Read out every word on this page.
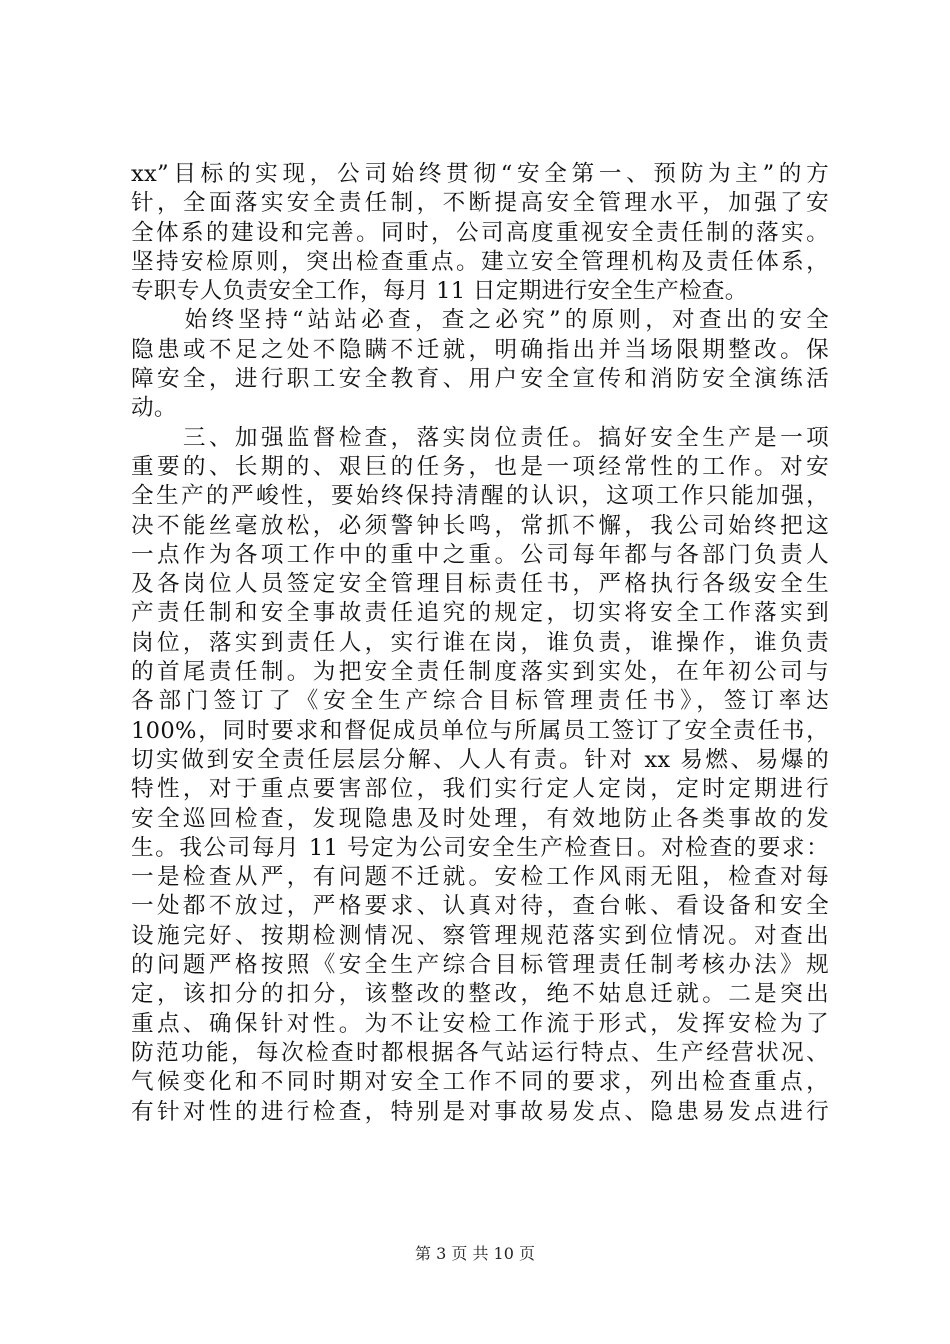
xx”目标的实现，公司始终贯彻“安全第一、预防为主”的方
针，全面落实安全责任制，不断提高安全管理水平，加强了安
全体系的建设和完善。同时，公司高度重视安全责任制的落实。
坚持安检原则，突出检查重点。建立安全管理机构及责任体系，
专职专人负责安全工作，每月 11 日定期进行安全生产检查。
　　始终坚持“站站必查，查之必究”的原则，对查出的安全
隐患或不足之处不隐瞒不迁就，明确指出并当场限期整改。保
障安全，进行职工安全教育、用户安全宣传和消防安全演练活
动。
　　三、加强监督检查，落实岗位责任。搞好安全生产是一项
重要的、长期的、艰巨的任务，也是一项经常性的工作。对安
全生产的严峻性，要始终保持清醒的认识，这项工作只能加强，
决不能丝毫放松，必须警钟长鸣，常抓不懈，我公司始终把这
一点作为各项工作中的重中之重。公司每年都与各部门负责人
及各岗位人员签定安全管理目标责任书，严格执行各级安全生
产责任制和安全事故责任追究的规定，切实将安全工作落实到
岗位，落实到责任人，实行谁在岗，谁负责，谁操作，谁负责
的首尾责任制。为把安全责任制度落实到实处，在年初公司与
各部门签订了《安全生产综合目标管理责任书》，签订率达
100%，同时要求和督促成员单位与所属员工签订了安全责任书，
切实做到安全责任层层分解、人人有责。针对 xx 易燃、易爆的
特性，对于重点要害部位，我们实行定人定岗，定时定期进行
安全巡回检查，发现隐患及时处理，有效地防止各类事故的发
生。我公司每月 11 号定为公司安全生产检查日。对检查的要求：
一是检查从严，有问题不迁就。安检工作风雨无阻，检查对每
一处都不放过，严格要求、认真对待，查台帐、看设备和安全
设施完好、按期检测情况、察管理规范落实到位情况。对查出
的问题严格按照《安全生产综合目标管理责任制考核办法》规
定，该扣分的扣分，该整改的整改，绝不姑息迁就。二是突出
重点、确保针对性。为不让安检工作流于形式，发挥安检为了
防范功能，每次检查时都根据各气站运行特点、生产经营状况、
气候变化和不同时期对安全工作不同的要求，列出检查重点，
有针对性的进行检查，特别是对事故易发点、隐患易发点进行
第 3 页 共 10 页
